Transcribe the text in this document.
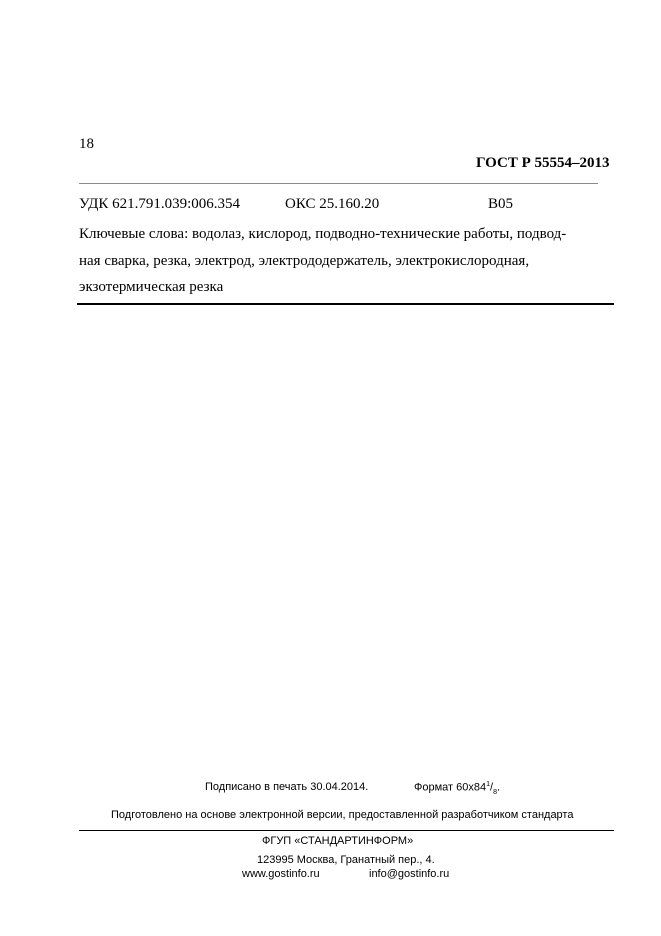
18
ГОСТ Р 55554–2013
УДК 621.791.039:006.354	ОКС 25.160.20	В05
Ключевые слова: водолаз, кислород, подводно-технические работы, подвод-
ная сварка, резка, электрод, электрододержатель, электрокислородная,
экзотермическая резка
Подписано в печать 30.04.2014.	Формат $60x84^1/_8$.
Подготовлено на основе электронной версии, предоставленной разработчиком стандарта
ФГУП «СТАНДАРТИНФОРМ»
123995 Москва, Гранатный пер., 4.
www.gostinfo.ru	info@gostinfo.ru
